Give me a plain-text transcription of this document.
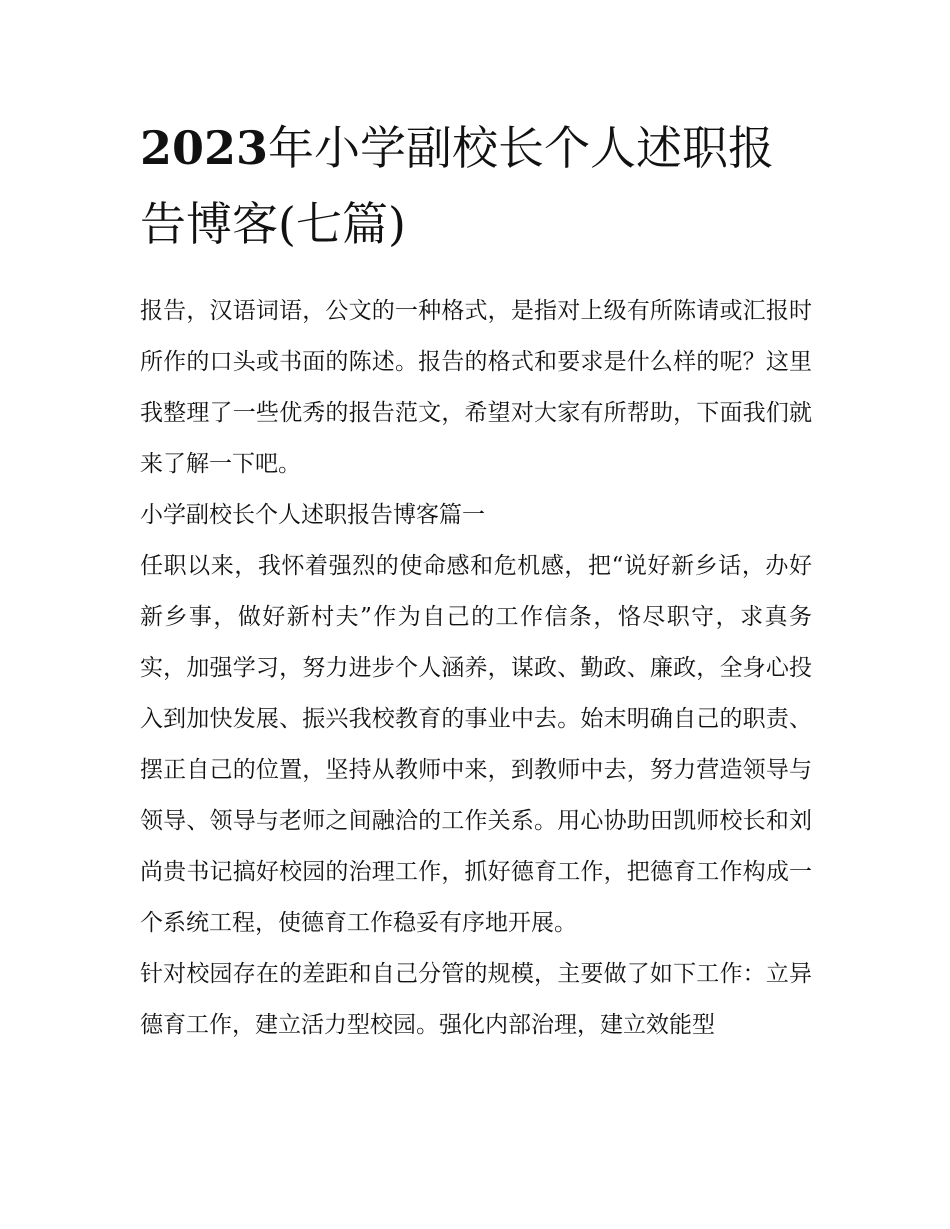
2023年小学副校长个人述职报告博客(七篇)

报告，汉语词语，公文的一种格式，是指对上级有所陈请或汇报时所作的口头或书面的陈述。报告的格式和要求是什么样的呢？这里我整理了一些优秀的报告范文，希望对大家有所帮助，下面我们就来了解一下吧。

小学副校长个人述职报告博客篇一

任职以来，我怀着强烈的使命感和危机感，把“说好新乡话，办好新乡事，做好新村夫”作为自己的工作信条，恪尽职守，求真务实，加强学习，努力进步个人涵养，谋政、勤政、廉政，全身心投入到加快发展、振兴我校教育的事业中去。始末明确自己的职责、摆正自己的位置，坚持从教师中来，到教师中去，努力营造领导与领导、领导与老师之间融洽的工作关系。用心协助田凯师校长和刘尚贵书记搞好校园的治理工作，抓好德育工作，把德育工作构成一个系统工程，使德育工作稳妥有序地开展。

针对校园存在的差距和自己分管的规模，主要做了如下工作：立异德育工作，建立活力型校园。强化内部治理，建立效能型
